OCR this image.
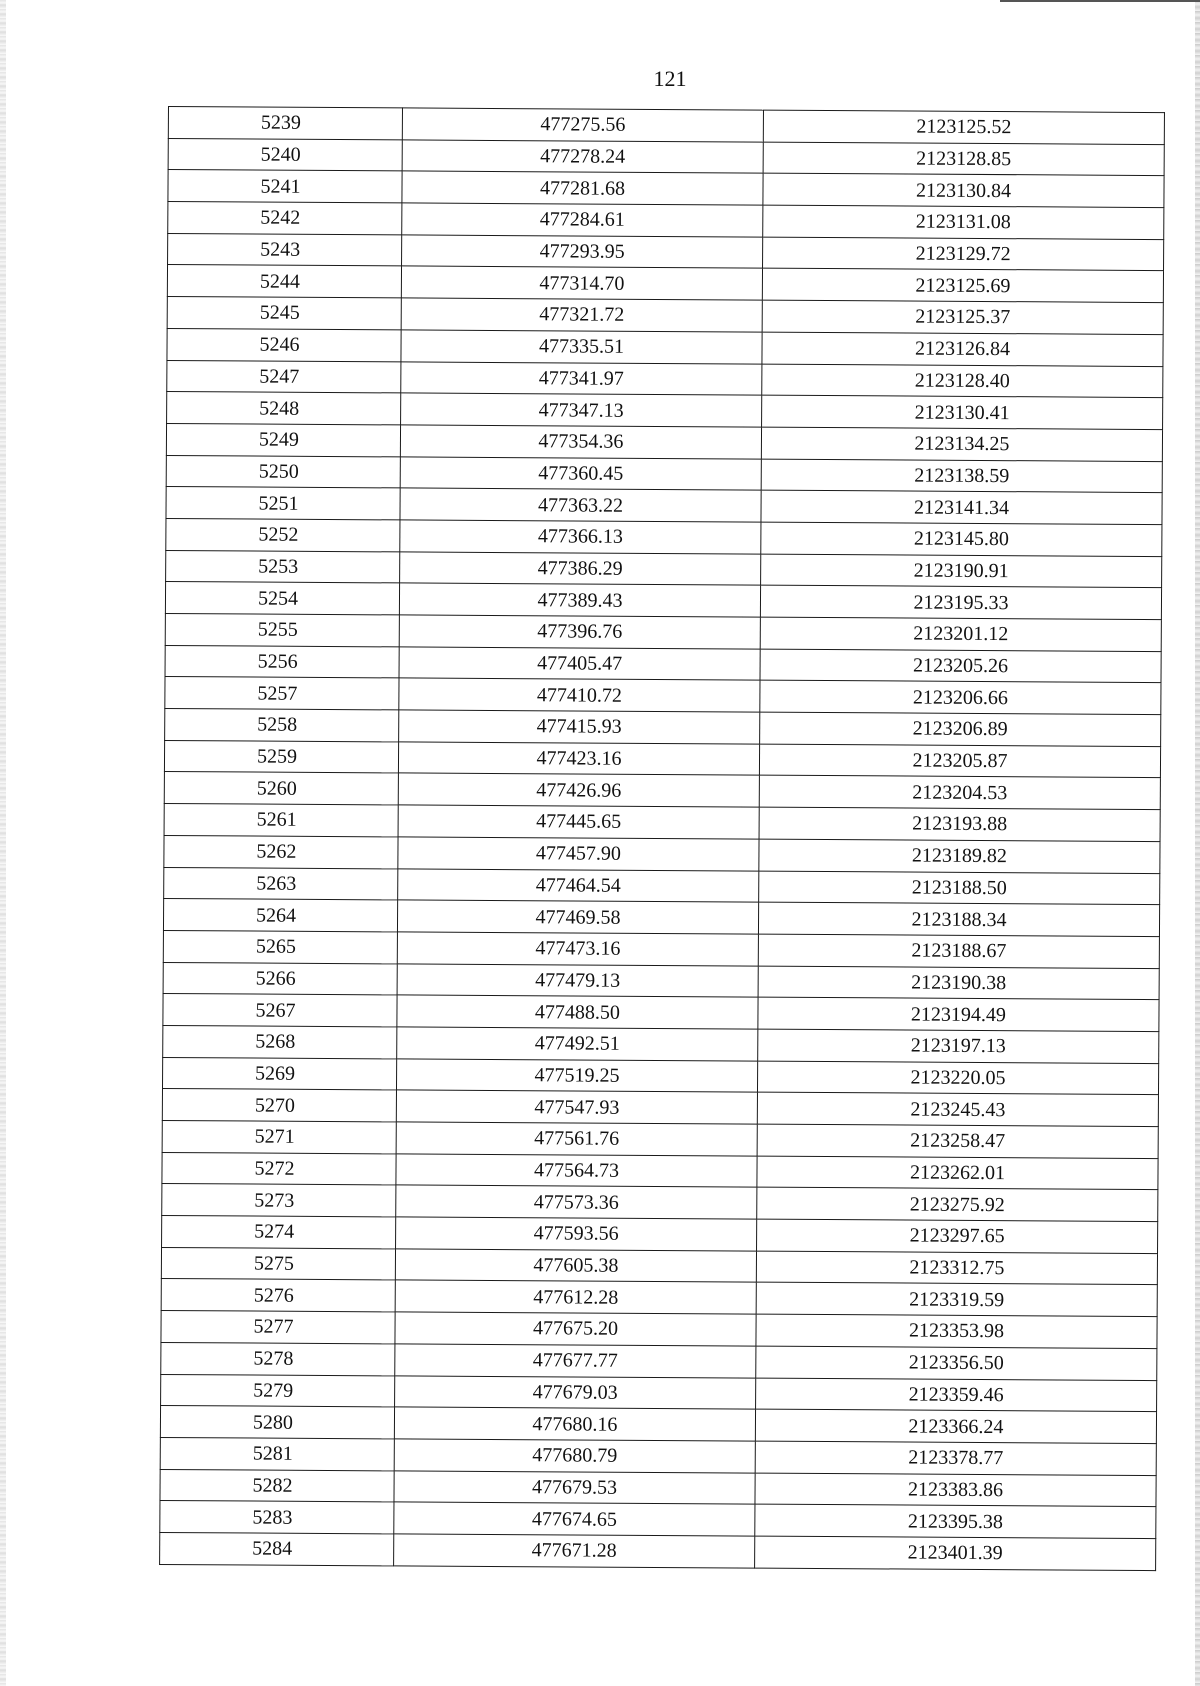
121
5239	477275.56	2123125.52
5240	477278.24	2123128.85
5241	477281.68	2123130.84
5242	477284.61	2123131.08
5243	477293.95	2123129.72
5244	477314.70	2123125.69
5245	477321.72	2123125.37
5246	477335.51	2123126.84
5247	477341.97	2123128.40
5248	477347.13	2123130.41
5249	477354.36	2123134.25
5250	477360.45	2123138.59
5251	477363.22	2123141.34
5252	477366.13	2123145.80
5253	477386.29	2123190.91
5254	477389.43	2123195.33
5255	477396.76	2123201.12
5256	477405.47	2123205.26
5257	477410.72	2123206.66
5258	477415.93	2123206.89
5259	477423.16	2123205.87
5260	477426.96	2123204.53
5261	477445.65	2123193.88
5262	477457.90	2123189.82
5263	477464.54	2123188.50
5264	477469.58	2123188.34
5265	477473.16	2123188.67
5266	477479.13	2123190.38
5267	477488.50	2123194.49
5268	477492.51	2123197.13
5269	477519.25	2123220.05
5270	477547.93	2123245.43
5271	477561.76	2123258.47
5272	477564.73	2123262.01
5273	477573.36	2123275.92
5274	477593.56	2123297.65
5275	477605.38	2123312.75
5276	477612.28	2123319.59
5277	477675.20	2123353.98
5278	477677.77	2123356.50
5279	477679.03	2123359.46
5280	477680.16	2123366.24
5281	477680.79	2123378.77
5282	477679.53	2123383.86
5283	477674.65	2123395.38
5284	477671.28	2123401.39
